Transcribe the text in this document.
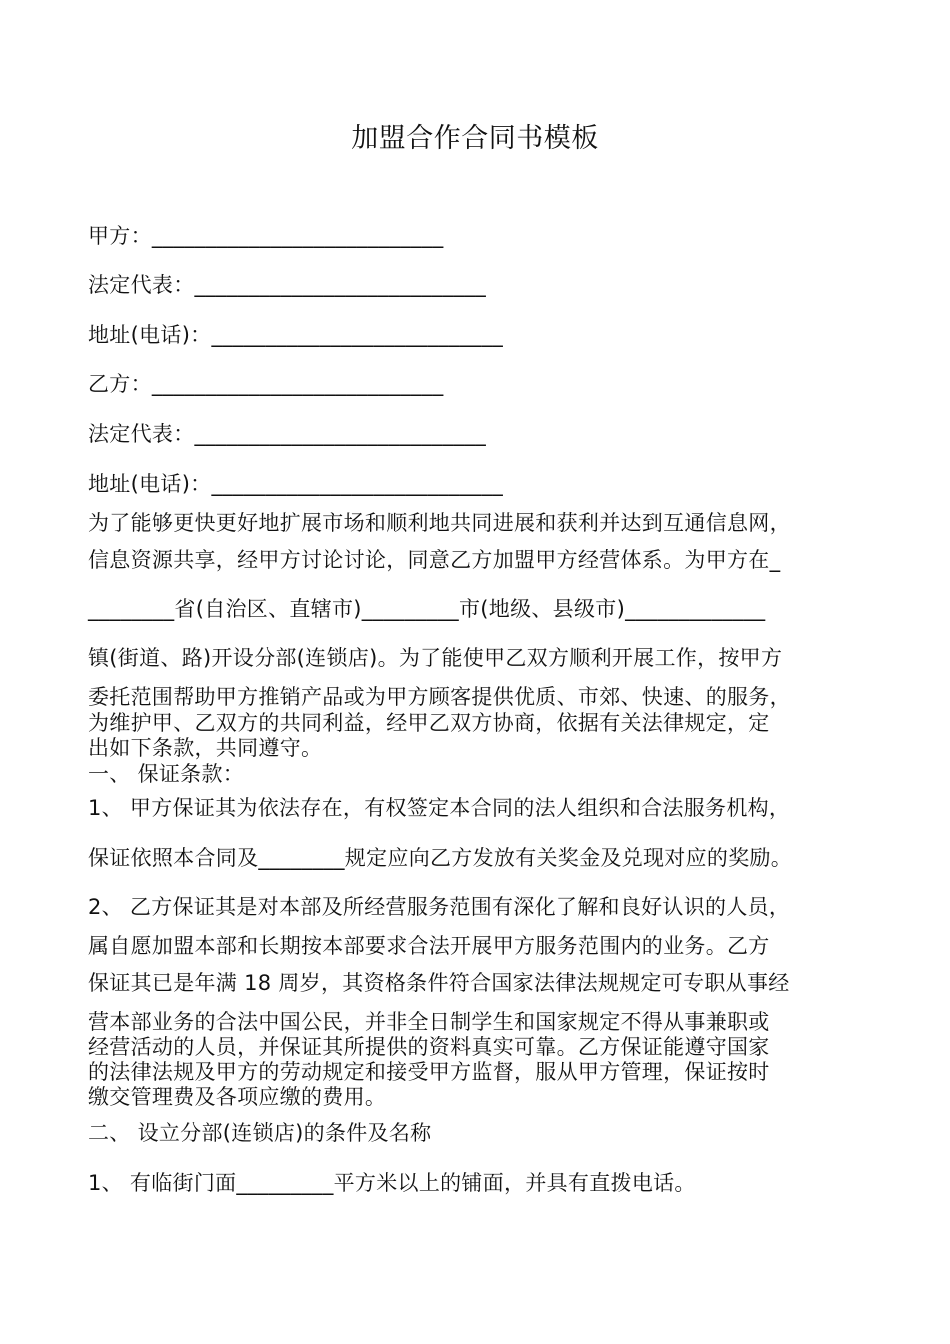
加盟合作合同书模板
甲方：___________________________
法定代表：___________________________
地址(电话)：___________________________
乙方：___________________________
法定代表：___________________________
地址(电话)：___________________________
为了能够更快更好地扩展市场和顺利地共同进展和获利并达到互通信息网，
信息资源共享，经甲方讨论讨论，同意乙方加盟甲方经营体系。为甲方在_
________省(自治区、直辖市)_________市(地级、县级市)_____________
镇(街道、路)开设分部(连锁店)。为了能使甲乙双方顺利开展工作，按甲方
委托范围帮助甲方推销产品或为甲方顾客提供优质、市郊、快速、的服务，
为维护甲、乙双方的共同利益，经甲乙双方协商，依据有关法律规定，定
出如下条款，共同遵守。
一、 保证条款：
1、 甲方保证其为依法存在，有权签定本合同的法人组织和合法服务机构，
保证依照本合同及________规定应向乙方发放有关奖金及兑现对应的奖励。
2、 乙方保证其是对本部及所经营服务范围有深化了解和良好认识的人员，
属自愿加盟本部和长期按本部要求合法开展甲方服务范围内的业务。乙方
保证其已是年满 18 周岁，其资格条件符合国家法律法规规定可专职从事经
营本部业务的合法中国公民，并非全日制学生和国家规定不得从事兼职或
经营活动的人员，并保证其所提供的资料真实可靠。乙方保证能遵守国家
的法律法规及甲方的劳动规定和接受甲方监督，服从甲方管理，保证按时
缴交管理费及各项应缴的费用。
二、 设立分部(连锁店)的条件及名称
1、 有临街门面_________平方米以上的铺面，并具有直拨电话。
